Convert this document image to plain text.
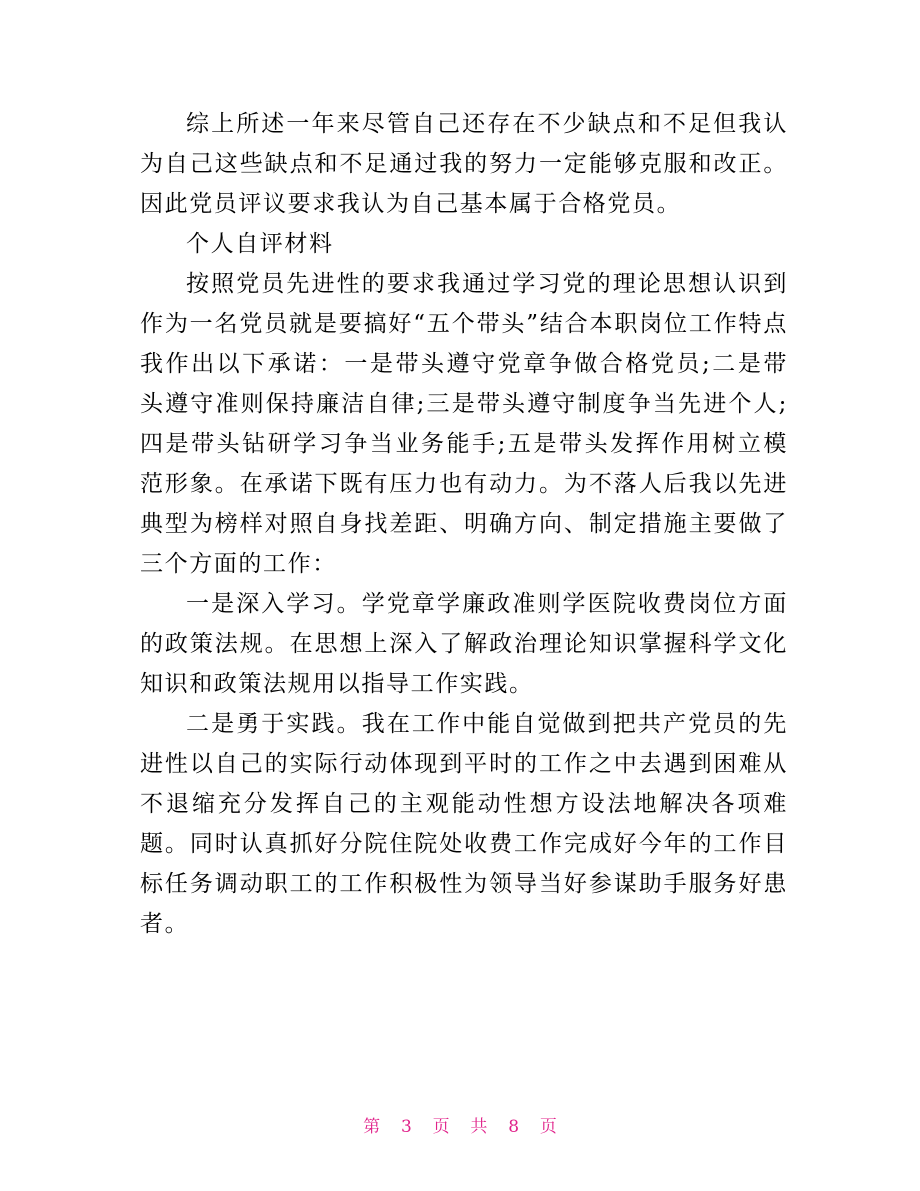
综上所述一年来尽管自己还存在不少缺点和不足但我认为自己这些缺点和不足通过我的努力一定能够克服和改正。因此党员评议要求我认为自己基本属于合格党员。

个人自评材料

按照党员先进性的要求我通过学习党的理论思想认识到作为一名党员就是要搞好“五个带头”结合本职岗位工作特点我作出以下承诺：一是带头遵守党章争做合格党员;二是带头遵守准则保持廉洁自律;三是带头遵守制度争当先进个人;四是带头钻研学习争当业务能手;五是带头发挥作用树立模范形象。在承诺下既有压力也有动力。为不落人后我以先进典型为榜样对照自身找差距、明确方向、制定措施主要做了三个方面的工作：

一是深入学习。学党章学廉政准则学医院收费岗位方面的政策法规。在思想上深入了解政治理论知识掌握科学文化知识和政策法规用以指导工作实践。

二是勇于实践。我在工作中能自觉做到把共产党员的先进性以自己的实际行动体现到平时的工作之中去遇到困难从不退缩充分发挥自己的主观能动性想方设法地解决各项难题。同时认真抓好分院住院处收费工作完成好今年的工作目标任务调动职工的工作积极性为领导当好参谋助手服务好患者。

第 3 页 共 8 页
